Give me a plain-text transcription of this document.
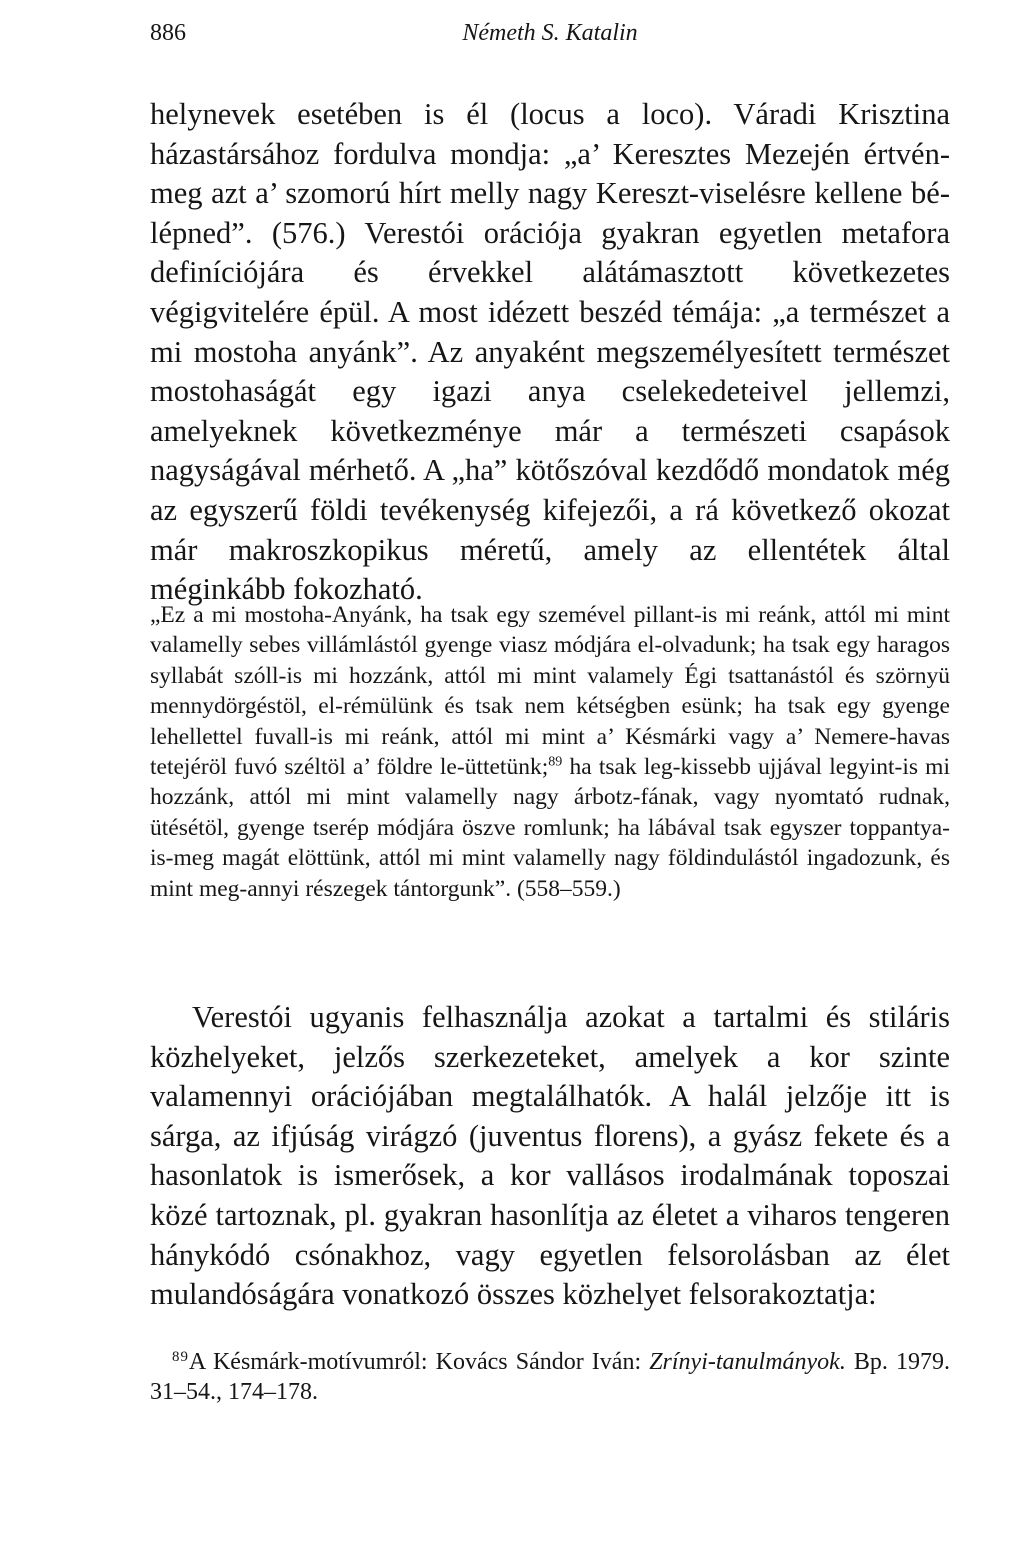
886	Németh S. Katalin

helynevek esetében is él (locus a loco). Váradi Krisztina házastársához fordulva mondja: „a’ Keresztes Mezején értvén-meg azt a’ szomorú hírt melly nagy Kereszt-viselésre kellene bé-lépned”. (576.) Verestói orációja gyakran egyetlen metafora definíciójára és érvekkel alátámasztott következetes végigvitelére épül. A most idézett beszéd témája: „a természet a mi mostoha anyánk”. Az anyaként megszemélyesített természet mostohaságát egy igazi anya cselekedeteivel jellemzi, amelyeknek következménye már a természeti csapások nagyságával mérhető. A „ha” kötőszóval kezdődő mondatok még az egyszerű földi tevékenység kifejezői, a rá következő okozat már makroszkopikus méretű, amely az ellentétek által méginkább fokozható.

„Ez a mi mostoha-Anyánk, ha tsak egy szemével pillant-is mi reánk, attól mi mint valamelly sebes villámlástól gyenge viasz módjára el-olvadunk; ha tsak egy haragos syllabát szóll-is mi hozzánk, attól mi mint valamely Égi tsattanástól és szörnyü mennydörgéstöl, el-rémülünk és tsak nem kétségben esünk; ha tsak egy gyenge lehellettel fuvall-is mi reánk, attól mi mint a’ Késmárki vagy a’ Nemere-havas tetejéröl fuvó széltöl a’ földre le-üttetünk;$^{89}$ ha tsak leg-kissebb ujjával legyint-is mi hozzánk, attól mi mint valamelly nagy árbotz-fának, vagy nyomtató rudnak, ütésétöl, gyenge tserép módjára öszve romlunk; ha lábával tsak egyszer toppantya-is-meg magát elöttünk, attól mi mint valamelly nagy földindulástól ingadozunk, és mint meg-annyi részegek tántorgunk”. (558–559.)

Verestói ugyanis felhasználja azokat a tartalmi és stiláris közhelyeket, jelzős szerkezeteket, amelyek a kor szinte valamennyi orációjában megtalálhatók. A halál jelzője itt is sárga, az ifjúság virágzó (juventus florens), a gyász fekete és a hasonlatok is ismerősek, a kor vallásos irodalmának toposzai közé tartoznak, pl. gyakran hasonlítja az életet a viharos tengeren hánykódó csónakhoz, vagy egyetlen felsorolásban az élet mulandóságára vonatkozó összes közhelyet felsorakoztatja:

$^{89}$A Késmárk-motívumról: Kovács Sándor Iván: Zrínyi-tanulmányok. Bp. 1979. 31–54., 174–178.
